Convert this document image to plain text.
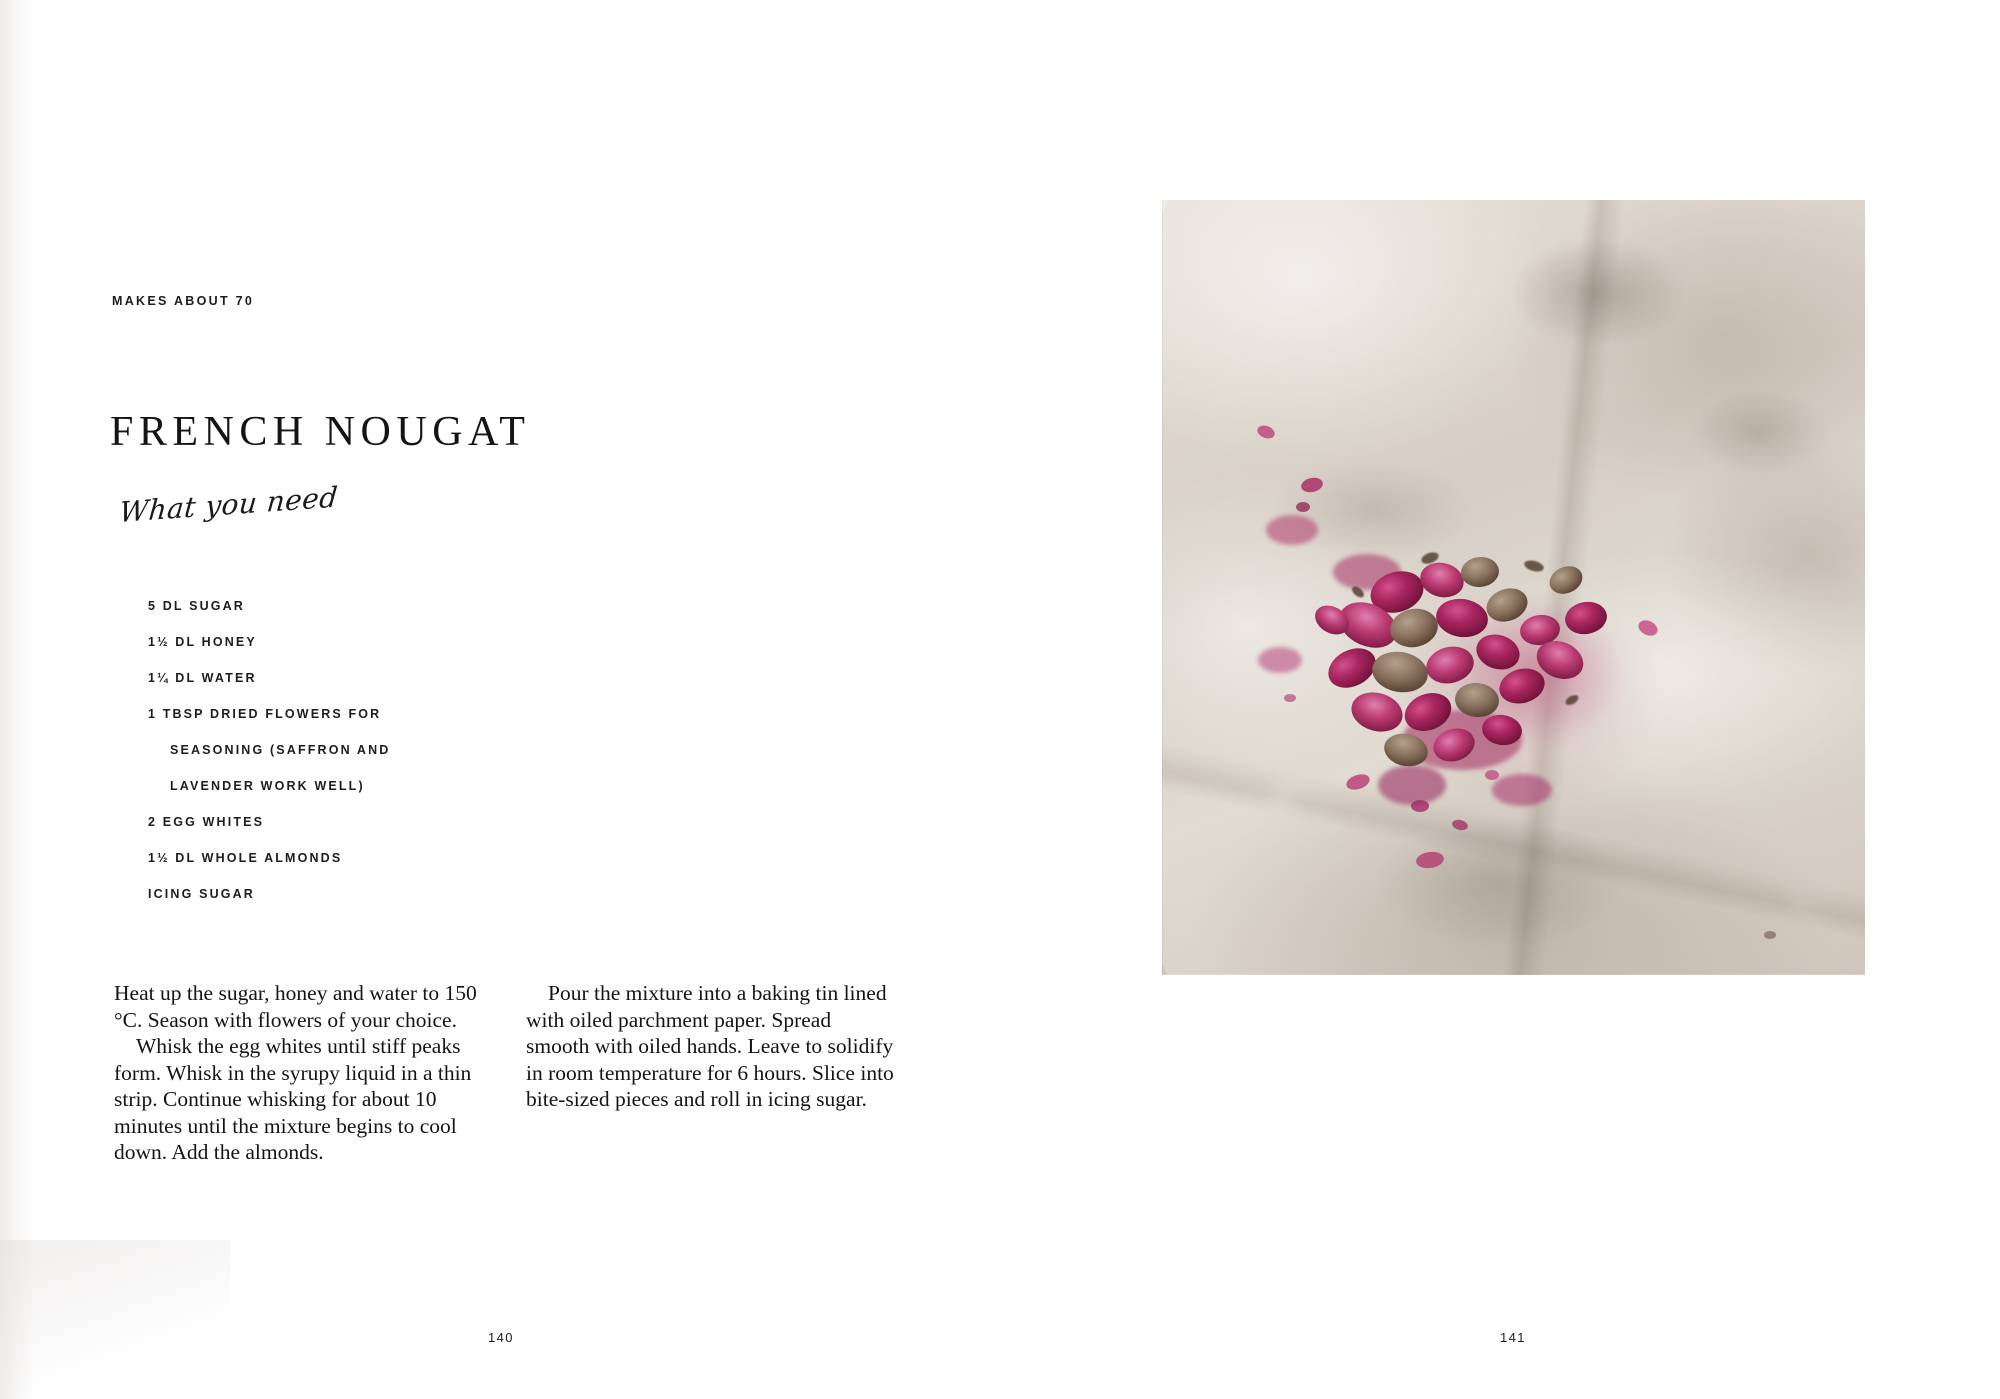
MAKES ABOUT 70
FRENCH NOUGAT
What you need
5 DL SUGAR
1½ DL HONEY
1¼ DL WATER
1 TBSP DRIED FLOWERS FOR
SEASONING (SAFFRON AND
LAVENDER WORK WELL)
2 EGG WHITES
1½ DL WHOLE ALMONDS
ICING SUGAR

Heat up the sugar, honey and water to 150 °C. Season with flowers of your choice.

Whisk the egg whites until stiff peaks form. Whisk in the syrupy liquid in a thin strip. Continue whisking for about 10 minutes until the mixture begins to cool down. Add the almonds.

Pour the mixture into a baking tin lined with oiled parchment paper. Spread smooth with oiled hands. Leave to solidify in room temperature for 6 hours. Slice into bite-sized pieces and roll in icing sugar.

140	141
